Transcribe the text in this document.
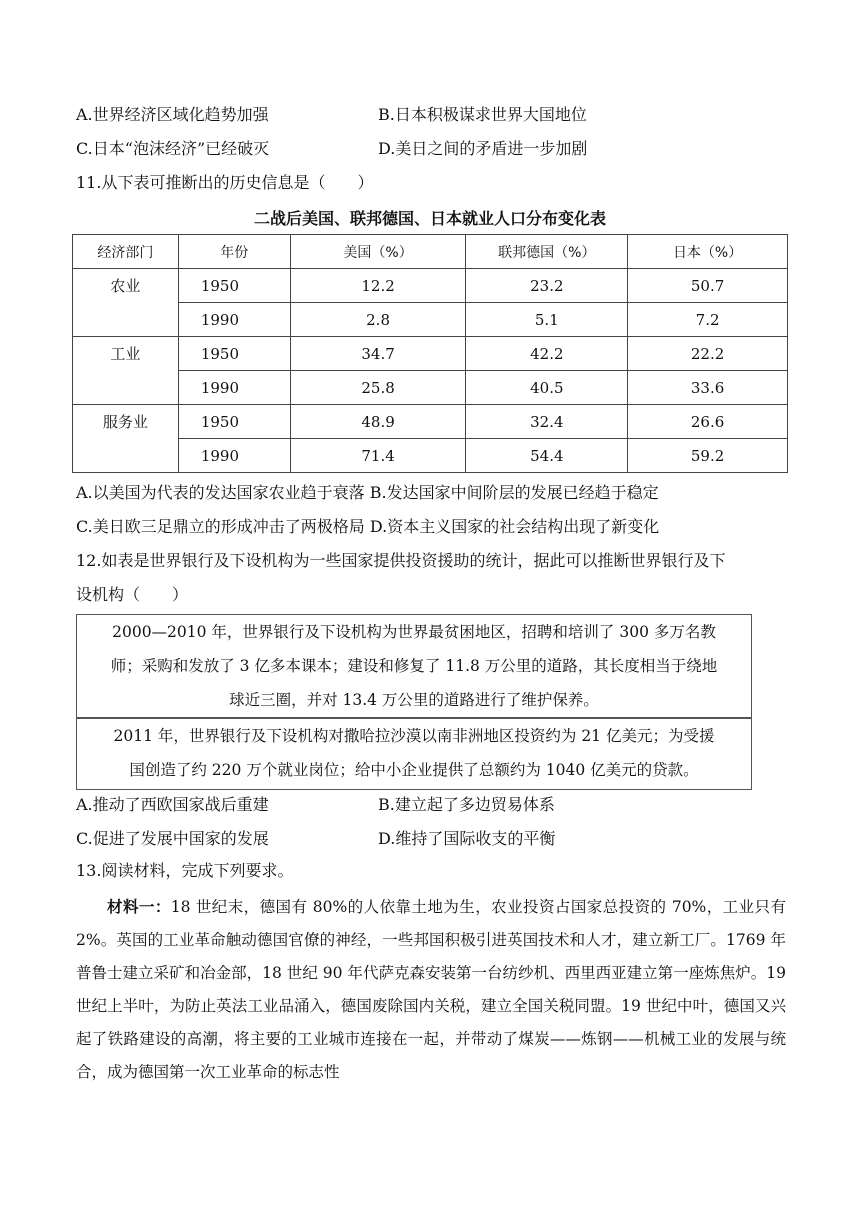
A.世界经济区域化趋势加强	B.日本积极谋求世界大国地位
C.日本“泡沫经济”已经破灭	D.美日之间的矛盾进一步加剧
11.从下表可推断出的历史信息是（　　）
二战后美国、联邦德国、日本就业人口分布变化表
经济部门	年份	美国（%）	联邦德国（%）	日本（%）
农业	1950	12.2	23.2	50.7
	1990	2.8	5.1	7.2
工业	1950	34.7	42.2	22.2
	1990	25.8	40.5	33.6
服务业	1950	48.9	32.4	26.6
	1990	71.4	54.4	59.2
A.以美国为代表的发达国家农业趋于衰落 B.发达国家中间阶层的发展已经趋于稳定
C.美日欧三足鼎立的形成冲击了两极格局 D.资本主义国家的社会结构出现了新变化
12.如表是世界银行及下设机构为一些国家提供投资援助的统计，据此可以推断世界银行及下
设机构（　　）

2000—2010 年，世界银行及下设机构为世界最贫困地区，招聘和培训了 300 多万名教

师；采购和发放了 3 亿多本课本；建设和修复了 11.8 万公里的道路，其长度相当于绕地

球近三圈，并对 13.4 万公里的道路进行了维护保养。

2011 年，世界银行及下设机构对撒哈拉沙漠以南非洲地区投资约为 21 亿美元；为受援

国创造了约 220 万个就业岗位；给中小企业提供了总额约为 1040 亿美元的贷款。

A.推动了西欧国家战后重建	B.建立起了多边贸易体系
C.促进了发展中国家的发展	D.维持了国际收支的平衡
13.阅读材料，完成下列要求。
材料一：18 世纪末，德国有 80%的人依靠土地为生，农业投资占国家总投资的 70%，工业只有 2%。英国的工业革命触动德国官僚的神经，一些邦国积极引进英国技术和人才，建立新工厂。1769 年普鲁士建立采矿和冶金部，18 世纪 90 年代萨克森安装第一台纺纱机、西里西亚建立第一座炼焦炉。19 世纪上半叶，为防止英法工业品涌入，德国废除国内关税，建立全国关税同盟。19 世纪中叶，德国又兴起了铁路建设的高潮，将主要的工业城市连接在一起，并带动了煤炭——炼钢——机械工业的发展与统合，成为德国第一次工业革命的标志性
